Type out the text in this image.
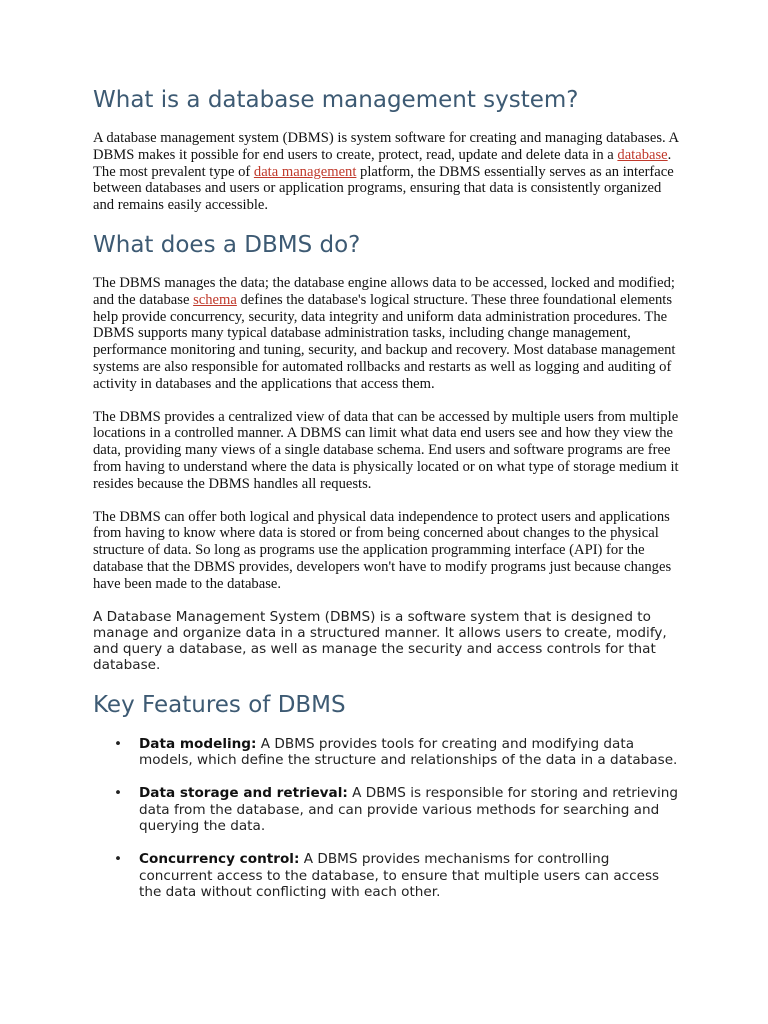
What is a database management system?

A database management system (DBMS) is system software for creating and managing databases. A DBMS makes it possible for end users to create, protect, read, update and delete data in a database. The most prevalent type of data management platform, the DBMS essentially serves as an interface between databases and users or application programs, ensuring that data is consistently organized and remains easily accessible.

What does a DBMS do?

The DBMS manages the data; the database engine allows data to be accessed, locked and modified; and the database schema defines the database's logical structure. These three foundational elements help provide concurrency, security, data integrity and uniform data administration procedures. The DBMS supports many typical database administration tasks, including change management, performance monitoring and tuning, security, and backup and recovery. Most database management systems are also responsible for automated rollbacks and restarts as well as logging and auditing of activity in databases and the applications that access them.

The DBMS provides a centralized view of data that can be accessed by multiple users from multiple locations in a controlled manner. A DBMS can limit what data end users see and how they view the data, providing many views of a single database schema. End users and software programs are free from having to understand where the data is physically located or on what type of storage medium it resides because the DBMS handles all requests.

The DBMS can offer both logical and physical data independence to protect users and applications from having to know where data is stored or from being concerned about changes to the physical structure of data. So long as programs use the application programming interface (API) for the database that the DBMS provides, developers won't have to modify programs just because changes have been made to the database.

A Database Management System (DBMS) is a software system that is designed to manage and organize data in a structured manner. It allows users to create, modify, and query a database, as well as manage the security and access controls for that database.

Key Features of DBMS
• Data modeling: A DBMS provides tools for creating and modifying data models, which define the structure and relationships of the data in a database.
• Data storage and retrieval: A DBMS is responsible for storing and retrieving data from the database, and can provide various methods for searching and querying the data.
• Concurrency control: A DBMS provides mechanisms for controlling concurrent access to the database, to ensure that multiple users can access the data without conflicting with each other.
